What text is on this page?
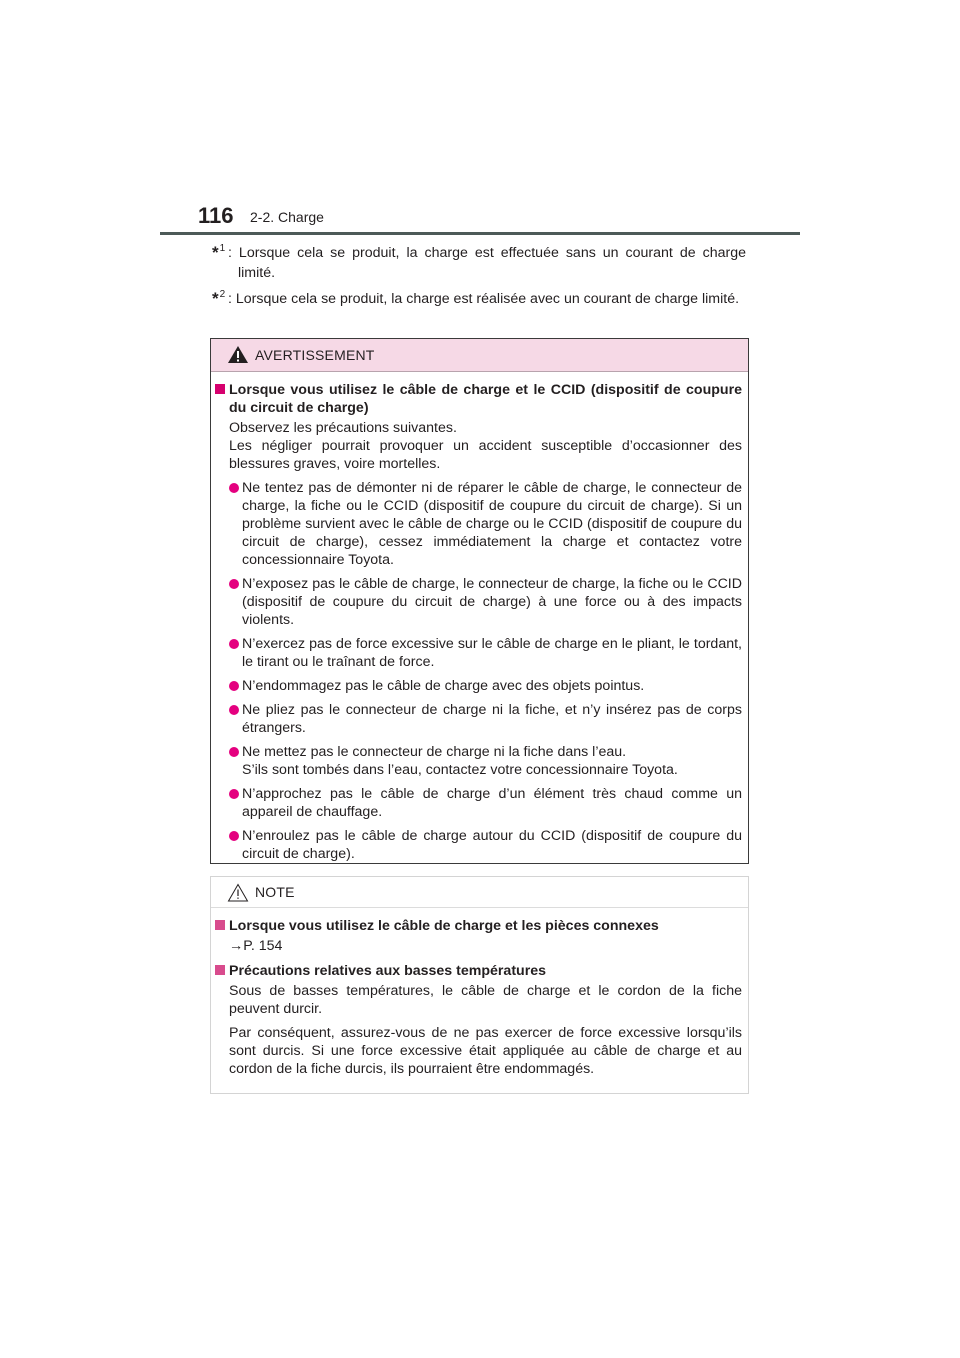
116 2-2. Charge
*$^1$ : Lorsque cela se produit, la charge est effectuée sans un courant de charge limité.
*$^2$ : Lorsque cela se produit, la charge est réalisée avec un courant de charge limité.
AVERTISSEMENT
Lorsque vous utilisez le câble de charge et le CCID (dispositif de coupure du circuit de charge)
Observez les précautions suivantes.
Les négliger pourrait provoquer un accident susceptible d’occasionner des blessures graves, voire mortelles.
Ne tentez pas de démonter ni de réparer le câble de charge, le connecteur de charge, la fiche ou le CCID (dispositif de coupure du circuit de charge). Si un problème survient avec le câble de charge ou le CCID (dispositif de coupure du circuit de charge), cessez immédiatement la charge et contactez votre concessionnaire Toyota.
N’exposez pas le câble de charge, le connecteur de charge, la fiche ou le CCID (dispositif de coupure du circuit de charge) à une force ou à des impacts violents.
N’exercez pas de force excessive sur le câble de charge en le pliant, le tordant, le tirant ou le traînant de force.
N’endommagez pas le câble de charge avec des objets pointus.
Ne pliez pas le connecteur de charge ni la fiche, et n’y insérez pas de corps étrangers.
Ne mettez pas le connecteur de charge ni la fiche dans l’eau.
S’ils sont tombés dans l’eau, contactez votre concessionnaire Toyota.
N’approchez pas le câble de charge d’un élément très chaud comme un appareil de chauffage.
N’enroulez pas le câble de charge autour du CCID (dispositif de coupure du circuit de charge).
NOTE
Lorsque vous utilisez le câble de charge et les pièces connexes
→P. 154
Précautions relatives aux basses températures
Sous de basses températures, le câble de charge et le cordon de la fiche peuvent durcir.
Par conséquent, assurez-vous de ne pas exercer de force excessive lorsqu’ils sont durcis. Si une force excessive était appliquée au câble de charge et au cordon de la fiche durcis, ils pourraient être endommagés.
